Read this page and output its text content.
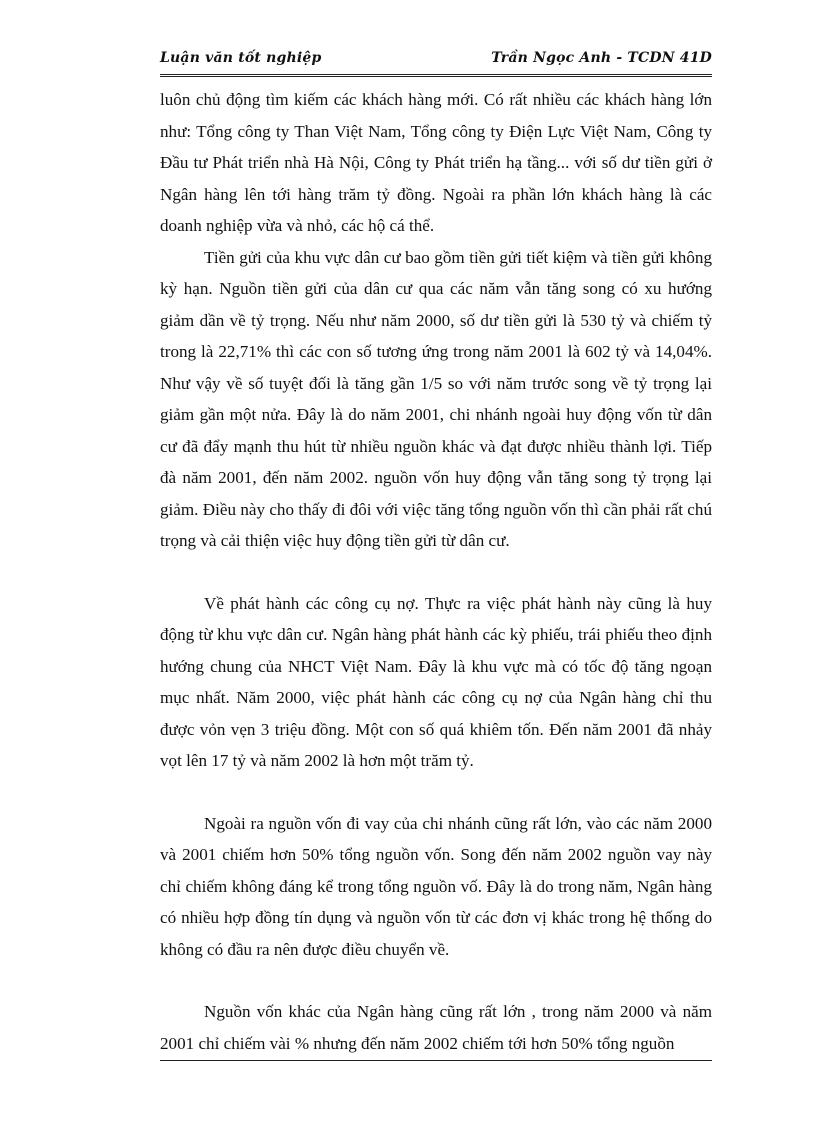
Luận văn tốt nghiệp	Trần Ngọc Anh - TCDN 41D

luôn chủ động tìm kiếm các khách hàng mới. Có rất nhiều các khách hàng lớn như: Tổng công ty Than Việt Nam, Tổng công ty Điện Lực Việt Nam, Công ty Đầu tư Phát triển nhà Hà Nội, Công ty Phát triển hạ tầng... với số dư tiền gửi ở Ngân hàng lên tới hàng trăm tỷ đồng. Ngoài ra phần lớn khách hàng là các doanh nghiệp vừa và nhỏ, các hộ cá thể.

Tiền gửi của khu vực dân cư bao gồm tiền gửi tiết kiệm và tiền gửi không kỳ hạn. Nguồn tiền gửi của dân cư qua các năm vẫn tăng song có xu hướng giảm dần về tỷ trọng. Nếu như năm 2000, số dư tiền gửi là 530 tỷ và chiếm tỷ trong là 22,71% thì các con số tương ứng trong năm 2001 là 602 tỷ và 14,04%. Như vậy về số tuyệt đối là tăng gần 1/5 so với năm trước song về tỷ trọng lại giảm gần một nửa. Đây là do năm 2001, chi nhánh ngoài huy động vốn từ dân cư đã đẩy mạnh thu hút từ nhiều nguồn khác và đạt được nhiều thành lợi. Tiếp đà năm 2001, đến năm 2002. nguồn vốn huy động vẫn tăng song tỷ trọng lại giảm. Điều này cho thấy đi đôi với việc tăng tổng nguồn vốn thì cần phải rất chú trọng và cải thiện việc huy động tiền gửi từ dân cư.

Về phát hành các công cụ nợ. Thực ra việc phát hành này cũng là huy động từ khu vực dân cư. Ngân hàng phát hành các kỳ phiếu, trái phiếu theo định hướng chung của NHCT Việt Nam. Đây là khu vực mà có tốc độ tăng ngoạn mục nhất. Năm 2000, việc phát hành các công cụ nợ của Ngân hàng chỉ thu được vỏn vẹn 3 triệu đồng. Một con số quá khiêm tốn. Đến năm 2001 đã nhảy vọt lên 17 tỷ và năm 2002 là hơn một trăm tỷ.

Ngoài ra nguồn vốn đi vay của chi nhánh cũng rất lớn, vào các năm 2000 và 2001 chiếm hơn 50% tổng nguồn vốn. Song đến năm 2002 nguồn vay này chỉ chiếm không đáng kể trong tổng nguồn vố. Đây là do trong năm, Ngân hàng có nhiều hợp đồng tín dụng và nguồn vốn từ các đơn vị khác trong hệ thống do không có đầu ra nên được điều chuyển về.

Nguồn vốn khác của Ngân hàng cũng rất lớn , trong năm 2000 và năm 2001 chỉ chiếm vài % nhưng đến năm 2002 chiếm tới hơn 50% tổng nguồn
